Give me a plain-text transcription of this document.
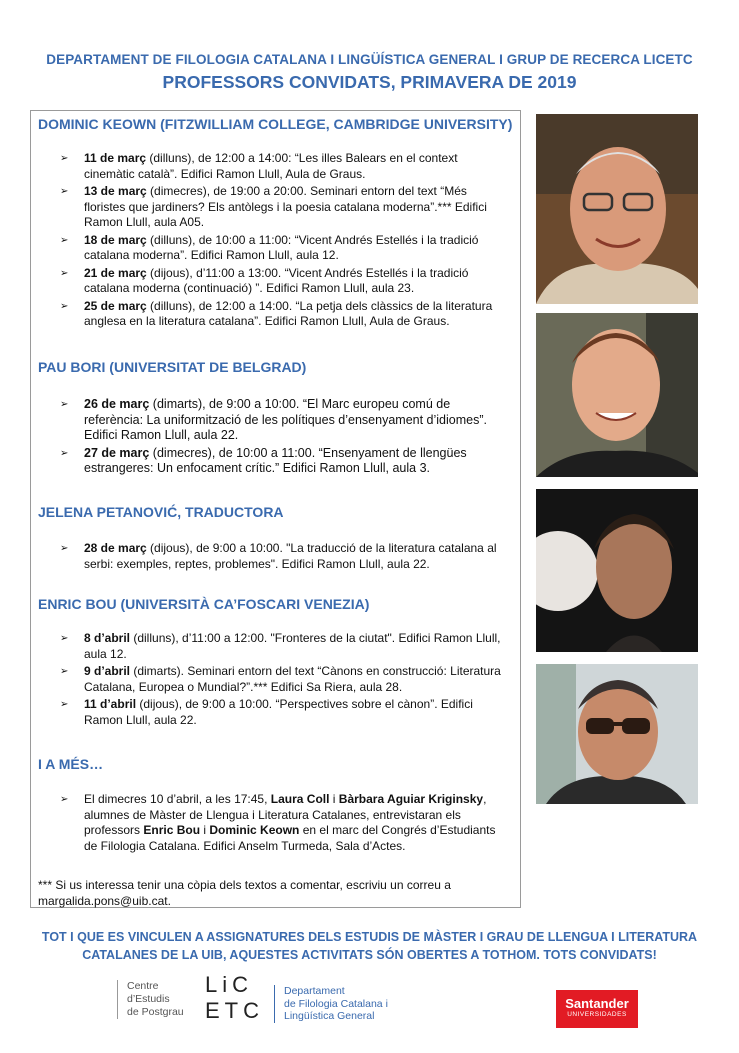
DEPARTAMENT DE FILOLOGIA CATALANA I LINGÜÍSTICA GENERAL I GRUP DE RECERCA LICETC
PROFESSORS CONVIDATS, PRIMAVERA DE 2019
DOMINIC KEOWN (FITZWILLIAM COLLEGE, CAMBRIDGE UNIVERSITY)
➢ 11 de març (dilluns), de 12:00 a 14:00: “Les illes Balears en el context cinemàtic català”. Edifici Ramon Llull, Aula de Graus.
➢ 13 de març (dimecres), de 19:00 a 20:00. Seminari entorn del text “Més floristes que jardiners? Els antòlegs i la poesia catalana moderna”.*** Edifici Ramon Llull, aula A05.
➢ 18 de març (dilluns), de 10:00 a 11:00: “Vicent Andrés Estellés i la tradició catalana moderna”. Edifici Ramon Llull, aula 12.
➢ 21 de març (dijous), d’11:00 a 13:00. “Vicent Andrés Estellés i la tradició catalana moderna (continuació) ”. Edifici Ramon Llull, aula 23.
➢ 25 de març (dilluns), de 12:00 a 14:00. “La petja dels clàssics de la literatura anglesa en la literatura catalana”. Edifici Ramon Llull, Aula de Graus.
PAU BORI (UNIVERSITAT DE BELGRAD)
➢ 26 de març (dimarts), de 9:00 a 10:00. “El Marc europeu comú de referència: La uniformització de les polítiques d’ensenyament d’idiomes”. Edifici Ramon Llull, aula 22.
➢ 27 de març (dimecres), de 10:00 a 11:00. “Ensenyament de llengües estrangeres: Un enfocament crític.” Edifici Ramon Llull, aula 3.
JELENA PETANOVIĆ, TRADUCTORA
➢ 28 de març (dijous), de 9:00 a 10:00. "La traducció de la literatura catalana al serbi: exemples, reptes, problemes". Edifici Ramon Llull, aula 22.
ENRIC BOU (UNIVERSITÀ CA’FOSCARI VENEZIA)
➢ 8 d’abril (dilluns), d’11:00 a 12:00. "Fronteres de la ciutat". Edifici Ramon Llull, aula 12.
➢ 9 d’abril (dimarts). Seminari entorn del text “Cànons en construcció: Literatura Catalana, Europea o Mundial?”.*** Edifici Sa Riera, aula 28.
➢ 11 d’abril (dijous), de 9:00 a 10:00. “Perspectives sobre el cànon”. Edifici Ramon Llull, aula 22.
I A MÉS…
➢ El dimecres 10 d’abril, a les 17:45, Laura Coll i Bàrbara Aguiar Kriginsky, alumnes de Màster de Llengua i Literatura Catalanes, entrevistaran els professors Enric Bou i Dominic Keown en el marc del Congrés d’Estudiants de Filologia Catalana. Edifici Anselm Turmeda, Sala d’Actes.
*** Si us interessa tenir una còpia dels textos a comentar, escriviu un correu a margalida.pons@uib.cat.
TOT I QUE ES VINCULEN A ASSIGNATURES DELS ESTUDIS DE MÀSTER I GRAU DE LLENGUA I LITERATURA
CATALANES DE LA UIB, AQUESTES ACTIVITATS SÓN OBERTES A TOTHOM. TOTS CONVIDATS!
Centre
d’Estudis
de Postgrau
LiC
ETC
Departament
de Filologia Catalana i
Lingüística General
Santander
UNIVERSIDADES
